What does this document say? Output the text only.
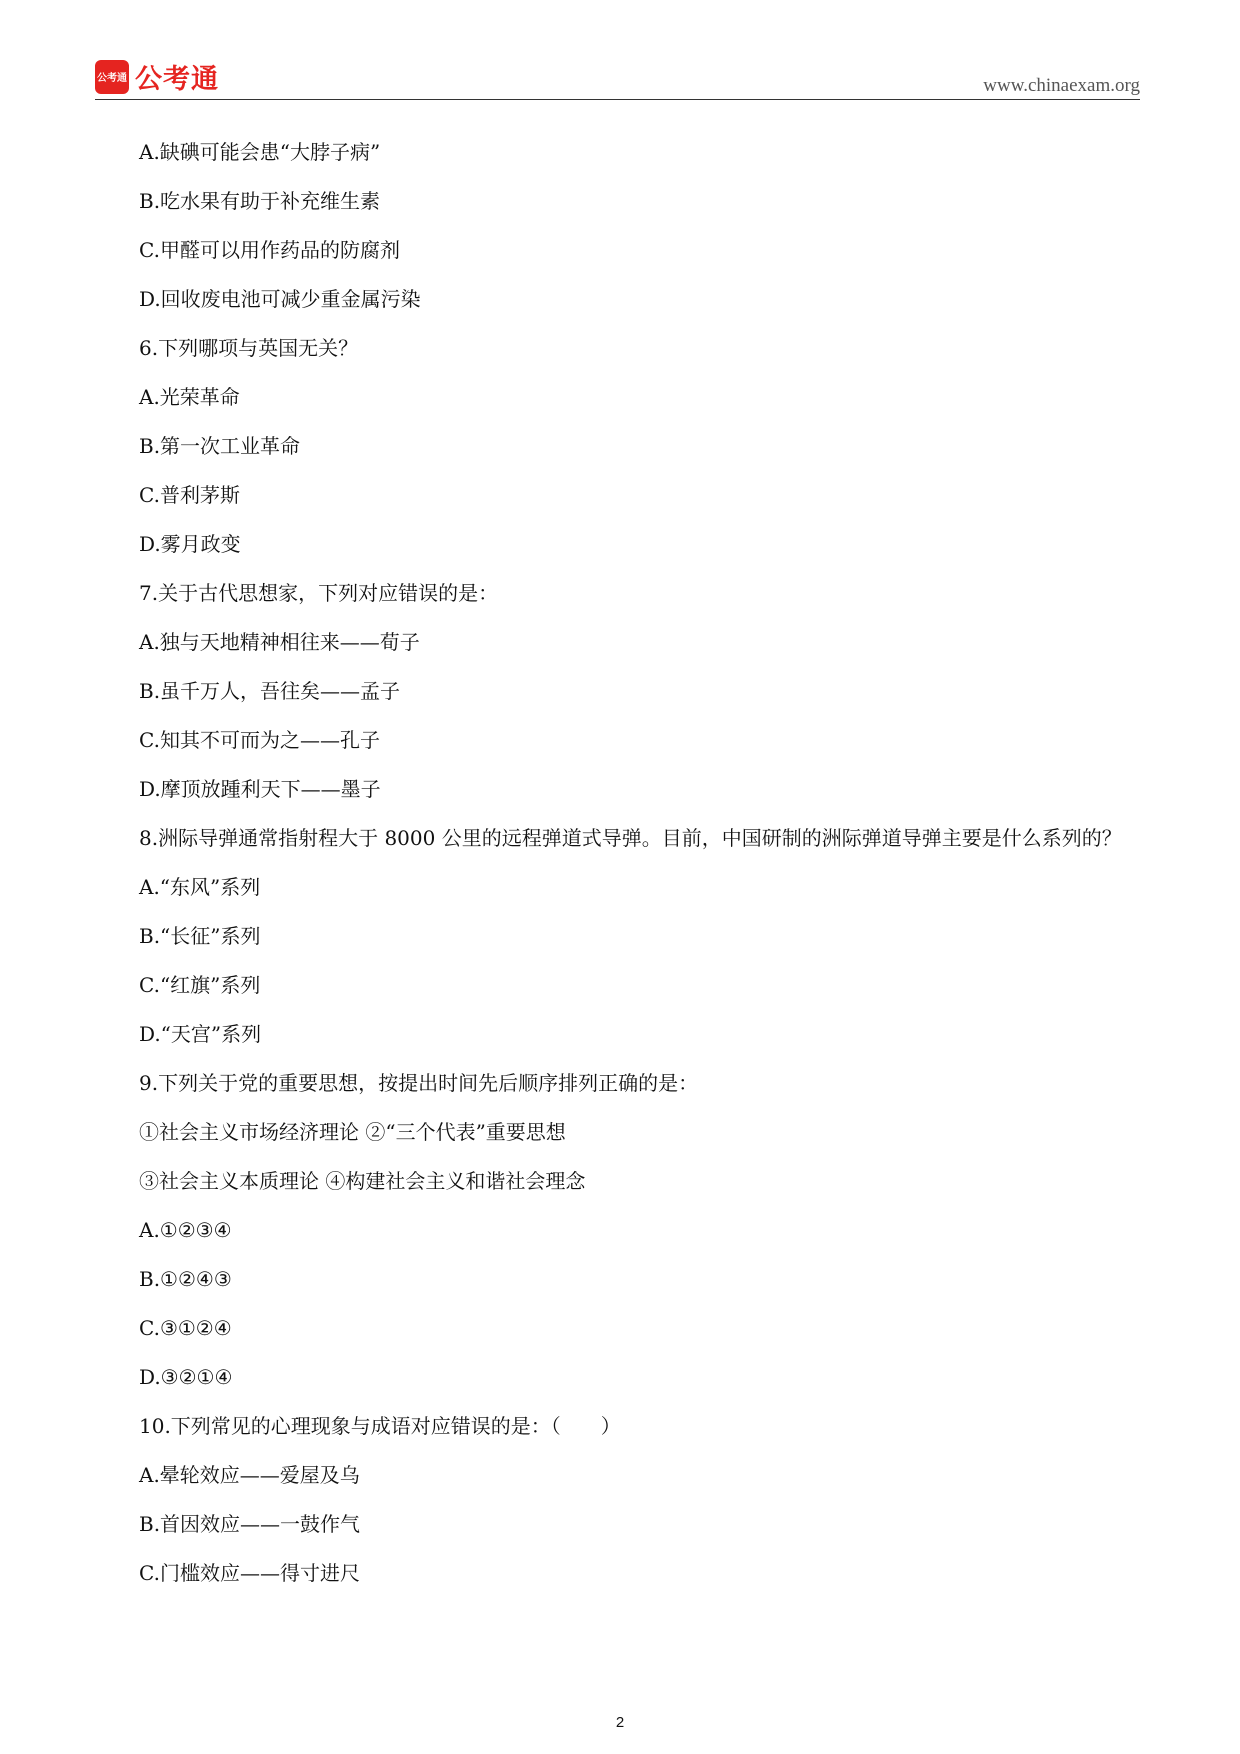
公考通 公考通	www.chinaexam.org
A.缺碘可能会患“大脖子病”
B.吃水果有助于补充维生素
C.甲醛可以用作药品的防腐剂
D.回收废电池可减少重金属污染
6.下列哪项与英国无关？
A.光荣革命
B.第一次工业革命
C.普利茅斯
D.雾月政变
7.关于古代思想家，下列对应错误的是：
A.独与天地精神相往来——荀子
B.虽千万人，吾往矣——孟子
C.知其不可而为之——孔子
D.摩顶放踵利天下——墨子
8.洲际导弹通常指射程大于 8000 公里的远程弹道式导弹。目前，中国研制的洲际弹道导弹主要是什么系列的？
A.“东风”系列
B.“长征”系列
C.“红旗”系列
D.“天宫”系列
9.下列关于党的重要思想，按提出时间先后顺序排列正确的是：
①社会主义市场经济理论 ②“三个代表”重要思想
③社会主义本质理论 ④构建社会主义和谐社会理念
A.①②③④
B.①②④③
C.③①②④
D.③②①④
10.下列常见的心理现象与成语对应错误的是：（　　）
A.晕轮效应——爱屋及乌
B.首因效应——一鼓作气
C.门槛效应——得寸进尺
2
